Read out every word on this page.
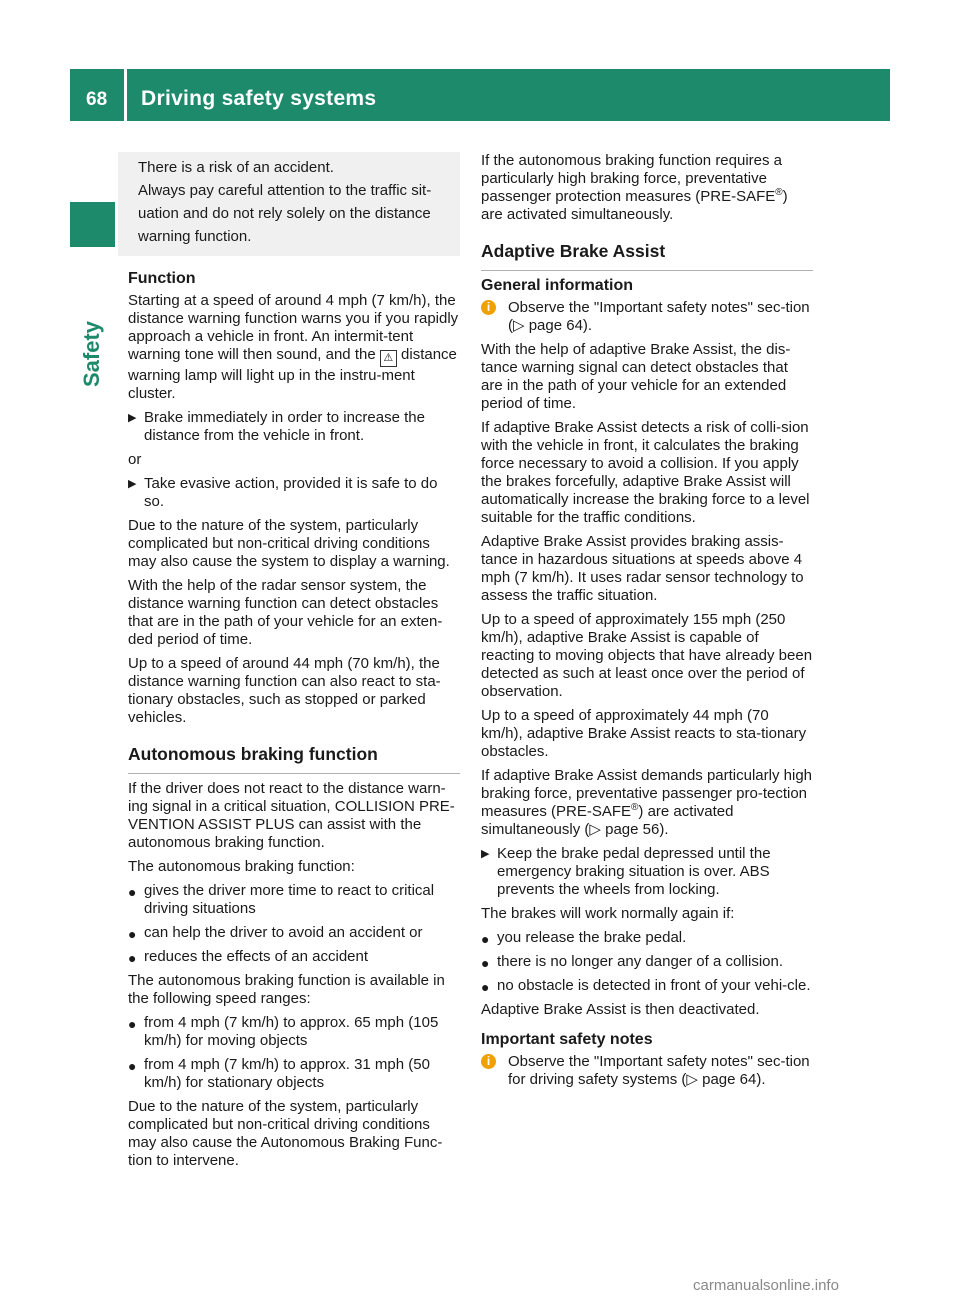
68 Driving safety systems
Safety

There is a risk of an accident.

Always pay careful attention to the traffic sit-uation and do not rely solely on the distance warning function.

Function

Starting at a speed of around 4 mph (7 km/h), the distance warning function warns you if you rapidly approach a vehicle in front. An intermit-tent warning tone will then sound, and the ⚠ distance warning lamp will light up in the instru-ment cluster.

▶ Brake immediately in order to increase the distance from the vehicle in front.

or

▶ Take evasive action, provided it is safe to do so.

Due to the nature of the system, particularly complicated but non-critical driving conditions may also cause the system to display a warning.

With the help of the radar sensor system, the distance warning function can detect obstacles that are in the path of your vehicle for an exten-ded period of time.

Up to a speed of around 44 mph (70 km/h), the distance warning function can also react to sta-tionary obstacles, such as stopped or parked vehicles.

Autonomous braking function

If the driver does not react to the distance warn-ing signal in a critical situation, COLLISION PRE-VENTION ASSIST PLUS can assist with the autonomous braking function.

The autonomous braking function:

● gives the driver more time to react to critical driving situations
● can help the driver to avoid an accident or
● reduces the effects of an accident

The autonomous braking function is available in the following speed ranges:

● from 4 mph (7 km/h) to approx. 65 mph (105 km/h) for moving objects
● from 4 mph (7 km/h) to approx. 31 mph (50 km/h) for stationary objects

Due to the nature of the system, particularly complicated but non-critical driving conditions may also cause the Autonomous Braking Func-tion to intervene.

If the autonomous braking function requires a particularly high braking force, preventative passenger protection measures (PRE-SAFE®) are activated simultaneously.

Adaptive Brake Assist
General information
i	Observe the "Important safety notes" sec-tion (▷ page 64).

With the help of adaptive Brake Assist, the dis-tance warning signal can detect obstacles that are in the path of your vehicle for an extended period of time.

If adaptive Brake Assist detects a risk of colli-sion with the vehicle in front, it calculates the braking force necessary to avoid a collision. If you apply the brakes forcefully, adaptive Brake Assist will automatically increase the braking force to a level suitable for the traffic conditions.

Adaptive Brake Assist provides braking assis-tance in hazardous situations at speeds above 4 mph (7 km/h). It uses radar sensor technology to assess the traffic situation.

Up to a speed of approximately 155 mph (250 km/h), adaptive Brake Assist is capable of reacting to moving objects that have already been detected as such at least once over the period of observation.

Up to a speed of approximately 44 mph (70 km/h), adaptive Brake Assist reacts to sta-tionary obstacles.

If adaptive Brake Assist demands particularly high braking force, preventative passenger pro-tection measures (PRE-SAFE®) are activated simultaneously (▷ page 56).

▶ Keep the brake pedal depressed until the emergency braking situation is over. ABS prevents the wheels from locking.

The brakes will work normally again if:

● you release the brake pedal.
● there is no longer any danger of a collision.
● no obstacle is detected in front of your vehi-cle.

Adaptive Brake Assist is then deactivated.

Important safety notes
i	Observe the "Important safety notes" sec-tion for driving safety systems (▷ page 64).
carmanualsonline.info
